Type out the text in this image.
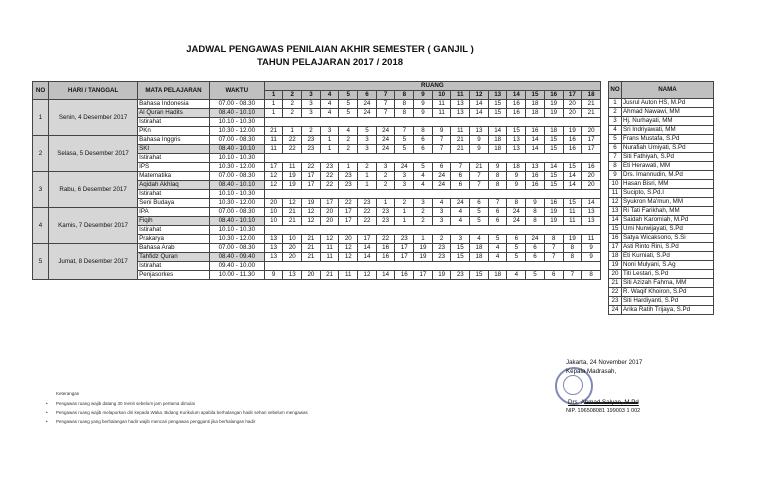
JADWAL PENGAWAS PENILAIAN AKHIR SEMESTER ( GANJIL )
TAHUN PELAJARAN 2017 / 2018
NO	HARI / TANGGAL	MATA PELAJARAN	WAKTU	RUANG																	
				1	2	3	4	5	6	7	8	9	10	11	12	13	14	15	16	17	18
1	Senin, 4 Desember 2017	Bahasa Indonesia	07.00 - 08.30	1	2	3	4	5	24	7	8	9	11	13	14	15	16	18	19	20	21
		Al Quran Hadits	08.40 - 10.10	1	2	3	4	5	24	7	8	9	11	13	14	15	16	18	19	20	21
		Istirahat	10.10 - 10.30																		
		PKn	10.30 - 12.00	21	1	2	3	4	5	24	7	8	9	11	13	14	15	16	18	19	20
2	Selasa, 5 Desember 2017	Bahasa Inggris	07.00 - 08.30	11	22	23	1	2	3	24	5	6	7	21	9	18	13	14	15	16	17
		SKI	08.40 - 10.10	11	22	23	1	2	3	24	5	6	7	21	9	18	13	14	15	16	17
		Istirahat	10.10 - 10.30																		
		IPS	10.30 - 12.00	17	11	22	23	1	2	3	24	5	6	7	21	9	18	13	14	15	16
3	Rabu, 6 Desember 2017	Matematika	07.00 - 08.30	12	19	17	22	23	1	2	3	4	24	6	7	8	9	16	15	14	20
		Aqidah Akhlaq	08.40 - 10.10	12	19	17	22	23	1	2	3	4	24	6	7	8	9	16	15	14	20
		Istirahat	10.10 - 10.30																		
		Seni Budaya	10.30 - 12.00	20	12	19	17	22	23	1	2	3	4	24	6	7	8	9	16	15	14
4	Kamis, 7 Desember 2017	IPA	07.00 - 08.30	10	21	12	20	17	22	23	1	2	3	4	5	6	24	8	19	11	13
		Fiqih	08.40 - 10.10	10	21	12	20	17	22	23	1	2	3	4	5	6	24	8	19	11	13
		Istirahat	10.10 - 10.30																		
		Prakarya	10.30 - 12.00	13	10	21	12	20	17	22	23	1	2	3	4	5	6	24	8	19	11
5	Jumat, 8 Desember 2017	Bahasa Arab	07.00 - 08.30	13	20	21	11	12	14	16	17	19	23	15	18	4	5	6	7	8	9
		Tahfidz Quran	08.40 - 09.40	13	20	21	11	12	14	16	17	19	23	15	18	4	5	6	7	8	9
		Istirahat	09.40 - 10.00																		
		Penjasorkes	10.00 - 11.30	9	13	20	21	11	12	14	16	17	19	23	15	18	4	5	6	7	8
NO	NAMA
1	Jusrul Auton HS, M.Pd
2	Ahmad Nawawi, MM
3	Hj. Nurhayati, MM
4	Sri Indriyawati, MM
5	Frans Mustafa, S.Pd
6	Nurafiah Umiyati, S.Pd
7	Siti Fathiyah, S.Pd
8	Eti Herawati, MM
9	Drs. Imannudin, M.Pd
10	Hasan Bisri, MM
11	Sucipto, S.Pd.I
12	Syukron Ma'mun, MM
13	Ri Tati Farikhah, MM
14	Saidah Karomiah, M.Pd
15	Umi Nurwijayati, S.Pd
16	Satya Wicaksono, S.Si
17	Asti Rinto Rini, S.Pd
18	Eti Kurniati, S.Pd
19	Noni Mulyani, S.Ag
20	Titi Lestari, S.Pd
21	Siti Azizah Fahma, MM
22	R. Waqif Khoiron, S.Pd
23	Siti Hardiyanti, S.Pd
24	Arika Ratih Trijaya, S.Pd
Keterangan
Pengawas ruang wajib datang 30 menit sebelum jam pertama dimulai
Pengawas ruang wajib melaporkan diri kepada Waka. Bidang Kurikulum apabila berhalangan hadir sehari sebelum mengawas
Pengawas ruang yang berhalangan hadir wajib mencari pengawas pengganti jika berhalangan hadir
•
•
•
Jakarta, 24 November 2017
Kepala Madrasah,
Drs. Ahmad Salyan, M.Pd
NIP. 196508081 199003 1 002
